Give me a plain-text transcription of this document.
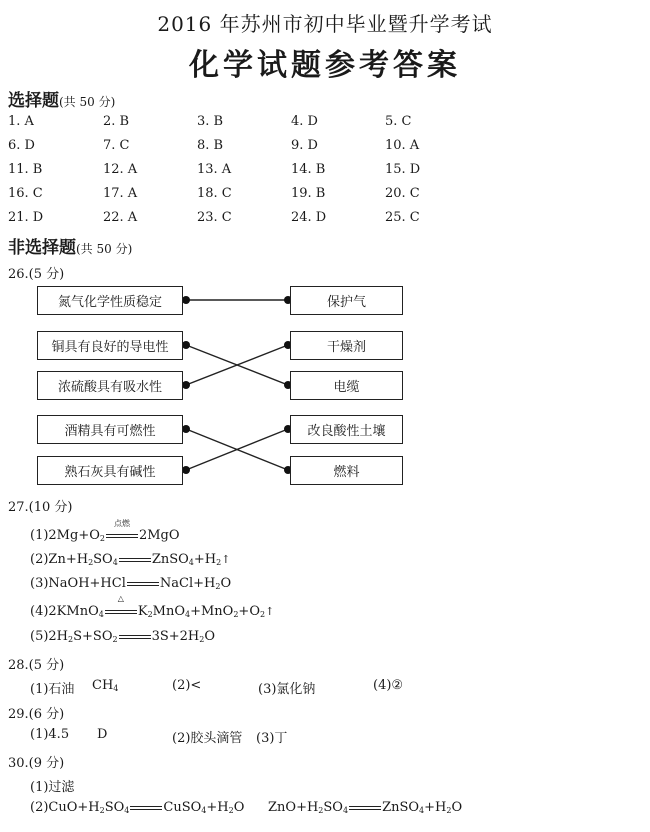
2016 年苏州市初中毕业暨升学考试
化学试题参考答案
选择题(共 50 分)
1. A	2. B	3. B	4. D	5. C
6. D	7. C	8. B	9. D	10. A
11. B	12. A	13. A	14. B	15. D
16. C	17. A	18. C	19. B	20. C
21. D	22. A	23. C	24. D	25. C
非选择题(共 50 分)
26.(5 分)
氮气化学性质稳定
铜具有良好的导电性
浓硫酸具有吸水性
酒精具有可燃性
熟石灰具有碱性
保护气
干燥剂
电缆
改良酸性土壤
燃料
27.(10 分)
$(1)2Mg+O_2$
点燃
2MgO
$(2)Zn+H_2SO_4$	$ZnSO_4+H_2↑$
(3)NaOH+HCl	$NaCl+H_2O$
(4)2KMnO$_4$
△
$K_2MnO_4+MnO_2+O_2↑$
$(5)2H_2S+SO_2$	$3S+2H_2O$
28.(5 分)
(1)石油 $CH_4$	(2)<	(3)氯化钠	(4)②
29.(6 分)
(1)4.5 D	(2)胶头滴管 (3)丁
30.(9 分)
(1)过滤
$(2)CuO+H_2SO_4$	$CuSO_4+H_2O$ $ZnO+H_2SO_4$	$ZnSO_4+H_2O$
